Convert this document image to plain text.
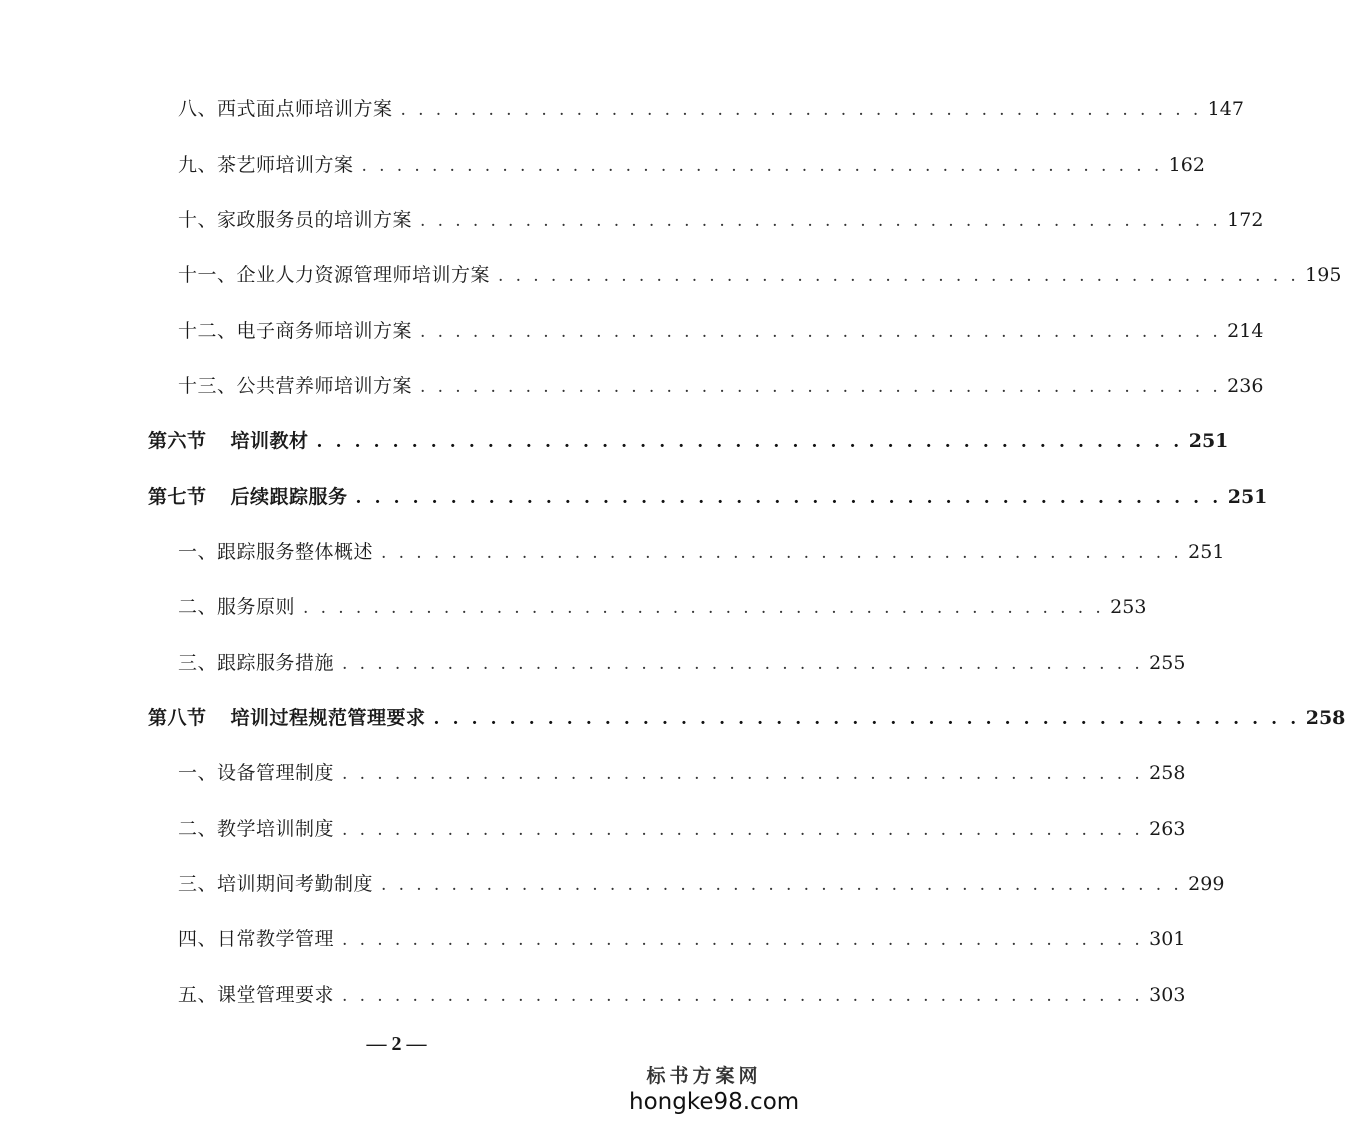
八、西式面点师培训方案 . . . . . . . . . . . . . . . . . . . . . . . . . . . . . . . . . . . . . . . . . . . . . . 147
九、茶艺师培训方案 . . . . . . . . . . . . . . . . . . . . . . . . . . . . . . . . . . . . . . . . . . . . . . 162
十、家政服务员的培训方案 . . . . . . . . . . . . . . . . . . . . . . . . . . . . . . . . . . . . . . . . . . . . . . 172
十一、企业人力资源管理师培训方案 . . . . . . . . . . . . . . . . . . . . . . . . . . . . . . . . . . . . . . . . . . . . . . 195
十二、电子商务师培训方案 . . . . . . . . . . . . . . . . . . . . . . . . . . . . . . . . . . . . . . . . . . . . . . 214
十三、公共营养师培训方案 . . . . . . . . . . . . . . . . . . . . . . . . . . . . . . . . . . . . . . . . . . . . . . 236
第六节 培训教材 . . . . . . . . . . . . . . . . . . . . . . . . . . . . . . . . . . . . . . . . . . . . . . 251
第七节 后续跟踪服务 . . . . . . . . . . . . . . . . . . . . . . . . . . . . . . . . . . . . . . . . . . . . . . 251
一、跟踪服务整体概述 . . . . . . . . . . . . . . . . . . . . . . . . . . . . . . . . . . . . . . . . . . . . . . 251
二、服务原则 . . . . . . . . . . . . . . . . . . . . . . . . . . . . . . . . . . . . . . . . . . . . . . 253
三、跟踪服务措施 . . . . . . . . . . . . . . . . . . . . . . . . . . . . . . . . . . . . . . . . . . . . . . 255
第八节 培训过程规范管理要求 . . . . . . . . . . . . . . . . . . . . . . . . . . . . . . . . . . . . . . . . . . . . . . 258
一、设备管理制度 . . . . . . . . . . . . . . . . . . . . . . . . . . . . . . . . . . . . . . . . . . . . . . 258
二、教学培训制度 . . . . . . . . . . . . . . . . . . . . . . . . . . . . . . . . . . . . . . . . . . . . . . 263
三、培训期间考勤制度 . . . . . . . . . . . . . . . . . . . . . . . . . . . . . . . . . . . . . . . . . . . . . . 299
四、日常教学管理 . . . . . . . . . . . . . . . . . . . . . . . . . . . . . . . . . . . . . . . . . . . . . . 301
五、课堂管理要求 . . . . . . . . . . . . . . . . . . . . . . . . . . . . . . . . . . . . . . . . . . . . . . 303
— 2 —
标书方案网
hongke98.com
